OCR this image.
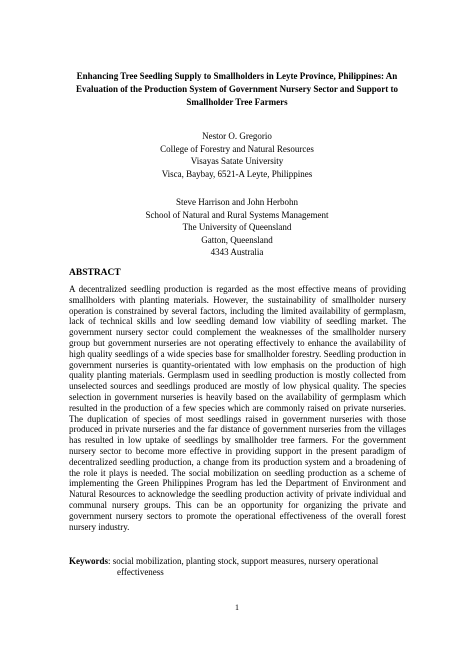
Enhancing Tree Seedling Supply to Smallholders in Leyte Province, Philippines: An
Evaluation of the Production System of Government Nursery Sector and Support to
Smallholder Tree Farmers
Nestor O. Gregorio
College of Forestry and Natural Resources
Visayas Satate University
Visca, Baybay, 6521-A Leyte, Philippines
Steve Harrison and John Herbohn
School of Natural and Rural Systems Management
The University of Queensland
Gatton, Queensland
4343 Australia
ABSTRACT
A decentralized seedling production is regarded as the most effective means of providing smallholders with planting materials. However, the sustainability of smallholder nursery operation is constrained by several factors, including the limited availability of germplasm, lack of technical skills and low seedling demand low viability of seedling market. The government nursery sector could complement the weaknesses of the smallholder nursery group but government nurseries are not operating effectively to enhance the availability of high quality seedlings of a wide species base for smallholder forestry. Seedling production in government nurseries is quantity-orientated with low emphasis on the production of high quality planting materials. Germplasm used in seedling production is mostly collected from unselected sources and seedlings produced are mostly of low physical quality. The species selection in government nurseries is heavily based on the availability of germplasm which resulted in the production of a few species which are commonly raised on private nurseries. The duplication of species of most seedlings raised in government nurseries with those produced in private nurseries and the far distance of government nurseries from the villages has resulted in low uptake of seedlings by smallholder tree farmers. For the government nursery sector to become more effective in providing support in the present paradigm of decentralized seedling production, a change from its production system and a broadening of the role it plays is needed. The social mobilization on seedling production as a scheme of implementing the Green Philippines Program has led the Department of Environment and Natural Resources to acknowledge the seedling production activity of private individual and communal nursery groups. This can be an opportunity for organizing the private and government nursery sectors to promote the operational effectiveness of the overall forest nursery industry.
Keywords: social mobilization, planting stock, support measures, nursery operational
effectiveness
1
